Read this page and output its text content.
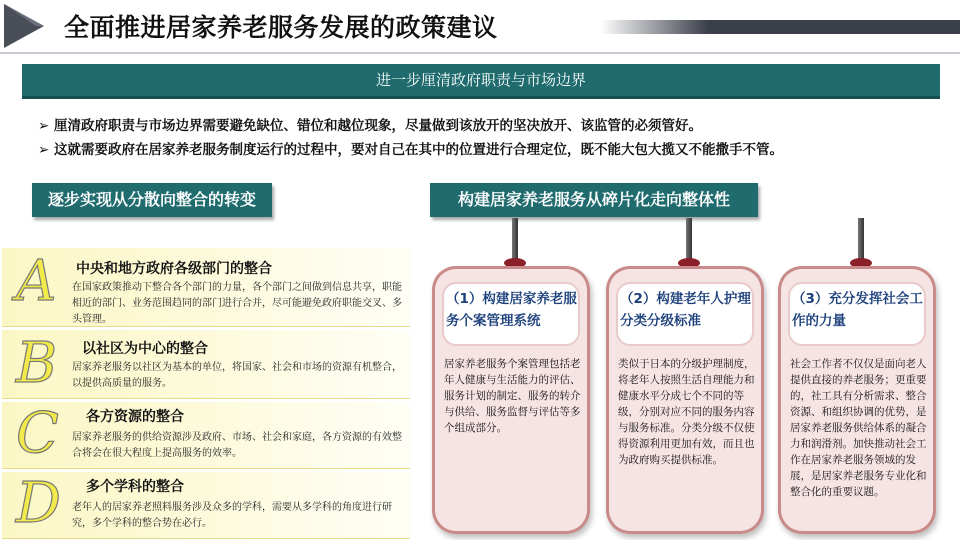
全面推进居家养老服务发展的政策建议
进一步厘清政府职责与市场边界
➢ 厘清政府职责与市场边界需要避免缺位、错位和越位现象，尽量做到该放开的坚决放开、该监管的必须管好。
➢ 这就需要政府在居家养老服务制度运行的过程中，要对自己在其中的位置进行合理定位，既不能大包大揽又不能撒手不管。
逐步实现从分散向整合的转变	构建居家养老服务从碎片化走向整体性
A 中央和地方政府各级部门的整合
在国家政策推动下整合各个部门的力量，各个部门之间做到信息共享，职能相近的部门、业务范围趋同的部门进行合并，尽可能避免政府职能交叉、多头管理。
B 以社区为中心的整合
居家养老服务以社区为基本的单位，将国家、社会和市场的资源有机整合，以提供高质量的服务。
C 各方资源的整合
居家养老服务的供给资源涉及政府、市场、社会和家庭，各方资源的有效整合将会在很大程度上提高服务的效率。
D 多个学科的整合
老年人的居家养老照料服务涉及众多的学科，需要从多学科的角度进行研究，多个学科的整合势在必行。
（1）构建居家养老服务个案管理系统
居家养老服务个案管理包括老年人健康与生活能力的评估、服务计划的制定、服务的转介与供给、服务监督与评估等多个组成部分。
（2）构建老年人护理分类分级标准
类似于日本的分级护理制度，将老年人按照生活自理能力和健康水平分成七个不同的等级，分别对应不同的服务内容与服务标准。分类分级不仅使得资源利用更加有效，而且也为政府购买提供标准。
（3）充分发挥社会工作的力量
社会工作者不仅仅是面向老人提供直接的养老服务；更重要的，社工具有分析需求、整合资源、和组织协调的优势，是居家养老服务供给体系的凝合力和润滑剂。加快推动社会工作在居家养老服务领域的发展，是居家养老服务专业化和整合化的重要议题。
